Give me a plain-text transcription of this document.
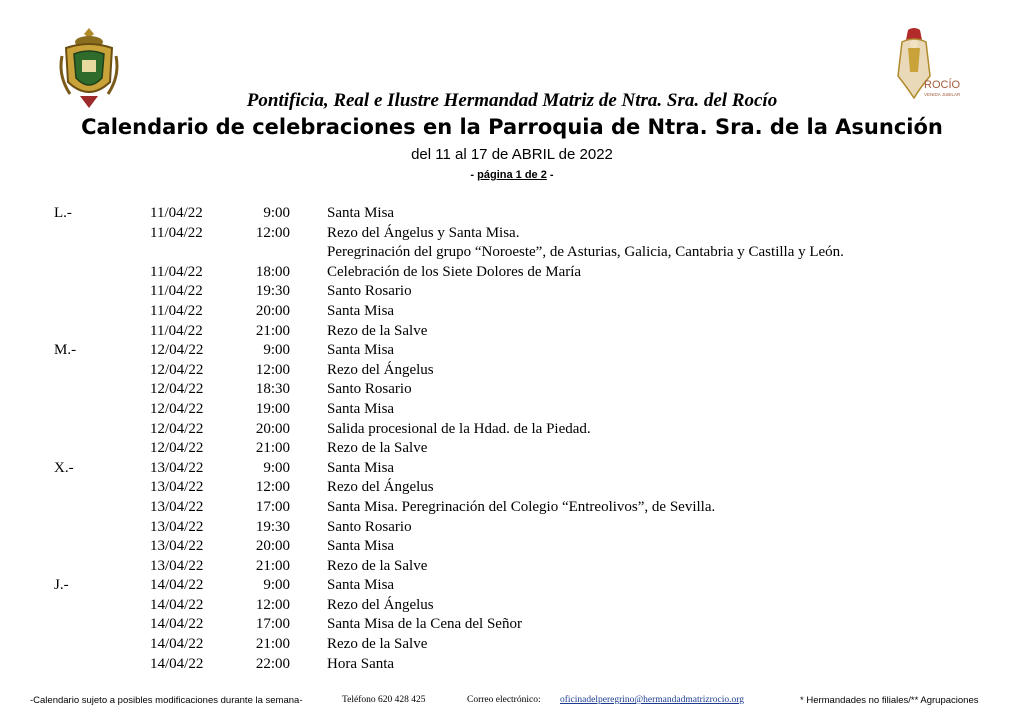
ROCÍO
VENIDA JUBILAR
Pontificia, Real e Ilustre Hermandad Matriz de Ntra. Sra. del Rocío
Calendario de celebraciones en la Parroquia de Ntra. Sra. de la Asunción
del 11 al 17 de ABRIL de 2022
- página 1 de 2 -
L.-	11/04/22	9:00 Santa Misa
11/04/22	12:00 Rezo del Ángelus y Santa Misa.
Peregrinación del grupo “Noroeste”, de Asturias, Galicia, Cantabria y Castilla y León.
11/04/22	18:00 Celebración de los Siete Dolores de María
11/04/22	19:30 Santo Rosario
11/04/22	20:00 Santa Misa
11/04/22	21:00 Rezo de la Salve
M.-	12/04/22	9:00 Santa Misa
12/04/22	12:00 Rezo del Ángelus
12/04/22	18:30 Santo Rosario
12/04/22	19:00 Santa Misa
12/04/22	20:00 Salida procesional de la Hdad. de la Piedad.
12/04/22	21:00 Rezo de la Salve
X.-	13/04/22	9:00 Santa Misa
13/04/22	12:00 Rezo del Ángelus
13/04/22	17:00 Santa Misa. Peregrinación del Colegio “Entreolivos”, de Sevilla.
13/04/22	19:30 Santo Rosario
13/04/22	20:00 Santa Misa
13/04/22	21:00 Rezo de la Salve
J.-	14/04/22	9:00 Santa Misa
14/04/22	12:00 Rezo del Ángelus
14/04/22	17:00 Santa Misa de la Cena del Señor
14/04/22	21:00 Rezo de la Salve
14/04/22	22:00 Hora Santa
-Calendario sujeto a posibles modificaciones durante la semana-	Teléfono 620 428 425	Correo electrónico: oficinadelperegrino@hermandadmatrizrocio.org	* Hermandades no filiales/** Agrupaciones
